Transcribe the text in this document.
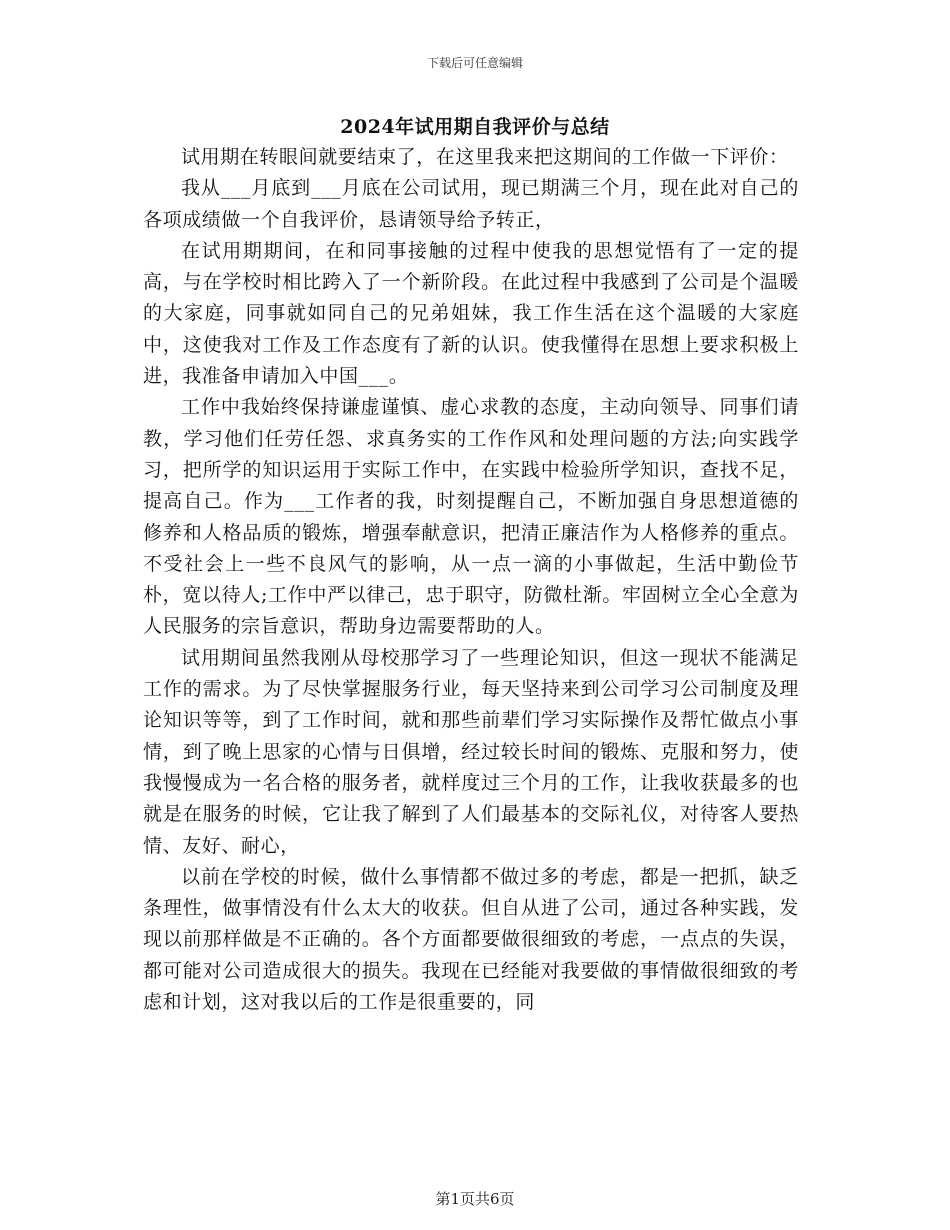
下载后可任意编辑
2024年试用期自我评价与总结

试用期在转眼间就要结束了，在这里我来把这期间的工作做一下评价：

我从___月底到___月底在公司试用，现已期满三个月，现在此对自己的各项成绩做一个自我评价，恳请领导给予转正，

在试用期期间，在和同事接触的过程中使我的思想觉悟有了一定的提高，与在学校时相比跨入了一个新阶段。在此过程中我感到了公司是个温暖的大家庭，同事就如同自己的兄弟姐妹，我工作生活在这个温暖的大家庭中，这使我对工作及工作态度有了新的认识。使我懂得在思想上要求积极上进，我准备申请加入中国___。

工作中我始终保持谦虚谨慎、虚心求教的态度，主动向领导、同事们请教，学习他们任劳任怨、求真务实的工作作风和处理问题的方法;向实践学习，把所学的知识运用于实际工作中，在实践中检验所学知识，查找不足，提高自己。作为___工作者的我，时刻提醒自己，不断加强自身思想道德的修养和人格品质的锻炼，增强奉献意识，把清正廉洁作为人格修养的重点。不受社会上一些不良风气的影响，从一点一滴的小事做起，生活中勤俭节朴，宽以待人;工作中严以律己，忠于职守，防微杜渐。牢固树立全心全意为人民服务的宗旨意识，帮助身边需要帮助的人。

试用期间虽然我刚从母校那学习了一些理论知识，但这一现状不能满足工作的需求。为了尽快掌握服务行业，每天坚持来到公司学习公司制度及理论知识等等，到了工作时间，就和那些前辈们学习实际操作及帮忙做点小事情，到了晚上思家的心情与日俱增，经过较长时间的锻炼、克服和努力，使我慢慢成为一名合格的服务者，就样度过三个月的工作，让我收获最多的也就是在服务的时候，它让我了解到了人们最基本的交际礼仪，对待客人要热情、友好、耐心，

以前在学校的时候，做什么事情都不做过多的考虑，都是一把抓，缺乏条理性，做事情没有什么太大的收获。但自从进了公司，通过各种实践，发现以前那样做是不正确的。各个方面都要做很细致的考虑，一点点的失误，都可能对公司造成很大的损失。我现在已经能对我要做的事情做很细致的考虑和计划，这对我以后的工作是很重要的，同

第1页共6页
